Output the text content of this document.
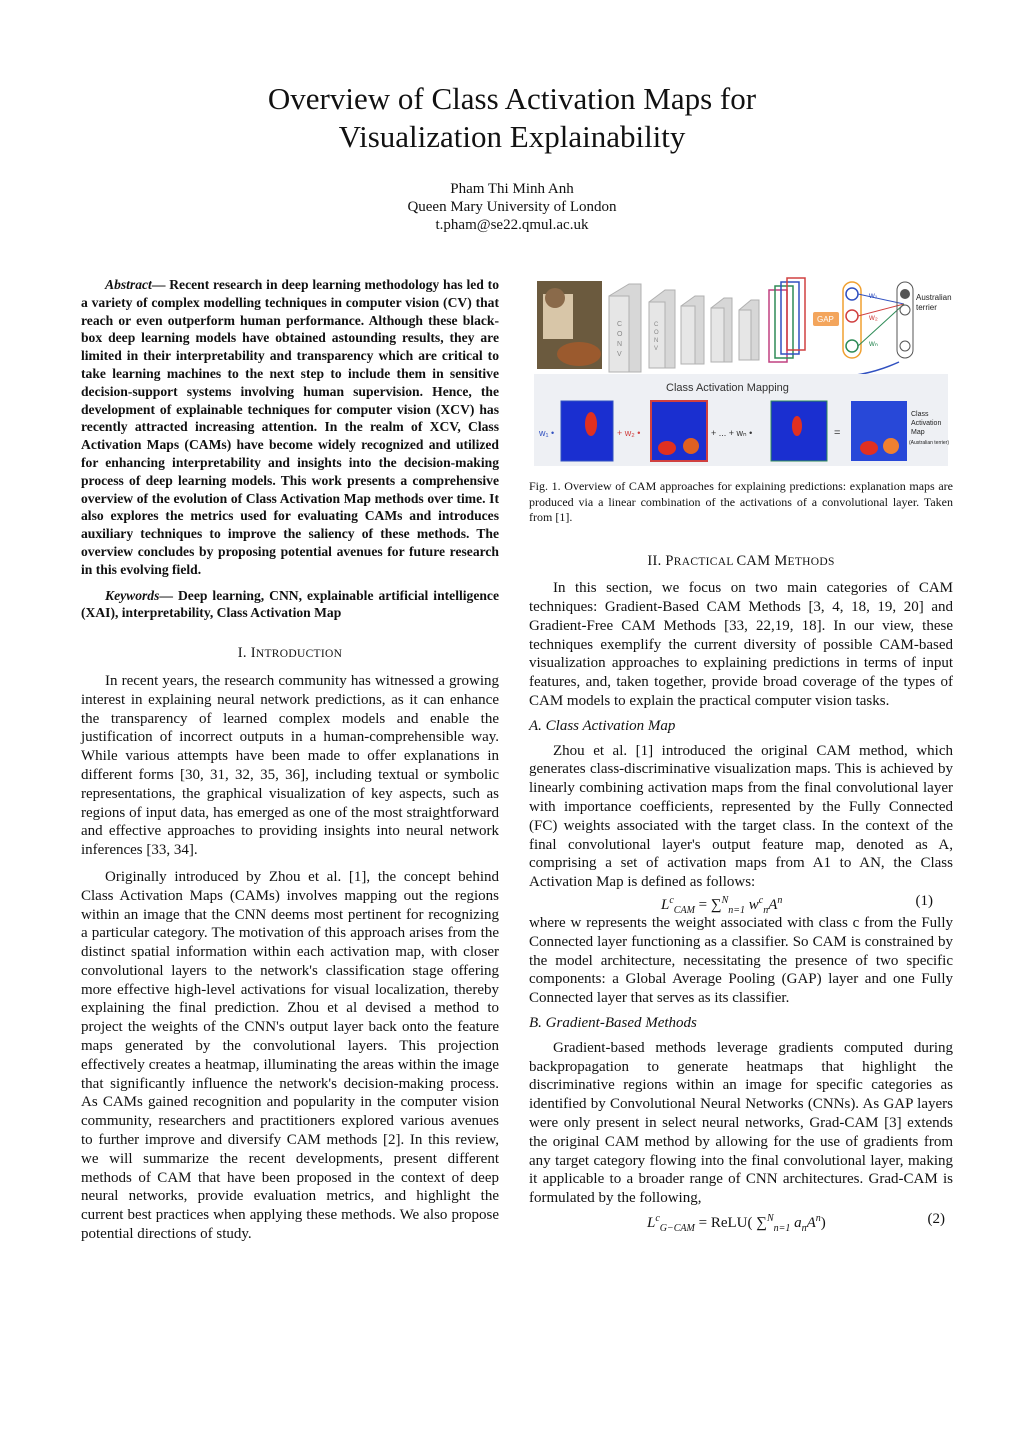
Overview of Class Activation Maps for
Visualization Explainability
Pham Thi Minh Anh
Queen Mary University of London
t.pham@se22.qmul.ac.uk

Abstract— Recent research in deep learning methodology has led to a variety of complex modelling techniques in computer vision (CV) that reach or even outperform human performance. Although these black-box deep learning models have obtained astounding results, they are limited in their interpretability and transparency which are critical to take learning machines to the next step to include them in sensitive decision-support systems involving human supervision. Hence, the development of explainable techniques for computer vision (XCV) has recently attracted increasing attention. In the realm of XCV, Class Activation Maps (CAMs) have become widely recognized and utilized for enhancing interpretability and insights into the decision-making process of deep learning models. This work presents a comprehensive overview of the evolution of Class Activation Map methods over time. It also explores the metrics used for evaluating CAMs and introduces auxiliary techniques to improve the saliency of these methods. The overview concludes by proposing potential avenues for future research in this evolving field.

Keywords— Deep learning, CNN, explainable artificial intelligence (XAI), interpretability, Class Activation Map

I. INTRODUCTION

In recent years, the research community has witnessed a growing interest in explaining neural network predictions, as it can enhance the transparency of learned complex models and enable the justification of incorrect outputs in a human-comprehensible way. While various attempts have been made to offer explanations in different forms [30, 31, 32, 35, 36], including textual or symbolic representations, the graphical visualization of key aspects, such as regions of input data, has emerged as one of the most straightforward and effective approaches to providing insights into neural network inferences [33, 34].

Originally introduced by Zhou et al. [1], the concept behind Class Activation Maps (CAMs) involves mapping out the regions within an image that the CNN deems most pertinent for recognizing a particular category. The motivation of this approach arises from the distinct spatial information within each activation map, with closer convolutional layers to the network's classification stage offering more effective high-level activations for visual localization, thereby explaining the final prediction. Zhou et al devised a method to project the weights of the CNN's output layer back onto the feature maps generated by the convolutional layers. This projection effectively creates a heatmap, illuminating the areas within the image that significantly influence the network's decision-making process. As CAMs gained recognition and popularity in the computer vision community, researchers and practitioners explored various avenues to further improve and diversify CAM methods [2]. In this review, we will summarize the recent developments, present different methods of CAM that have been proposed in the context of deep neural networks, provide evaluation metrics, and highlight the current best practices when applying these methods. We also propose potential directions of study.

C
O
N
V
C
O
N
V
GAP
w₁
w₂
wₙ
Australian
terrier
Class Activation Mapping
w₁ •	+ w₂ •	+ ... + wₙ •	=
Class
Activation
Map
(Australian terrier)

Fig. 1. Overview of CAM approaches for explaining predictions: explanation maps are produced via a linear combination of the activations of a convolutional layer. Taken from [1].

II. PRACTICAL CAM METHODS

In this section, we focus on two main categories of CAM techniques: Gradient-Based CAM Methods [3, 4, 18, 19, 20] and Gradient-Free CAM Methods [33, 22,19, 18]. In our view, these techniques exemplify the current diversity of possible CAM-based visualization approaches to explaining predictions in terms of input features, and, taken together, provide broad coverage of the types of CAM models to explain the practical computer vision tasks.

A. Class Activation Map

Zhou et al. [1] introduced the original CAM method, which generates class-discriminative visualization maps. This is achieved by linearly combining activation maps from the final convolutional layer with importance coefficients, represented by the Fully Connected (FC) weights associated with the target class. In the context of the final convolutional layer's output feature map, denoted as A, comprising a set of activation maps from A1 to AN, the Class Activation Map is defined as follows:

$L^c_{CAM} = \sum^N_{n=1}$ $w^c_nA^n$	(1)

where w represents the weight associated with class c from the Fully Connected layer functioning as a classifier. So CAM is constrained by the model architecture, necessitating the presence of two specific components: a Global Average Pooling (GAP) layer and one Fully Connected layer that serves as its classifier.

B. Gradient-Based Methods

Gradient-based methods leverage gradients computed during backpropagation to generate heatmaps that highlight the discriminative regions within an image for specific categories as identified by Convolutional Neural Networks (CNNs). As GAP layers were only present in select neural networks, Grad-CAM [3] extends the original CAM method by allowing for the use of gradients from any target category flowing into the final convolutional layer, making it applicable to a broader range of CNN architectures. Grad-CAM is formulated by the following,

$L^c_{G-CAM}$ = ReLU( ∑$^N_{n=1}$ $a_nA^n$)	(2)
